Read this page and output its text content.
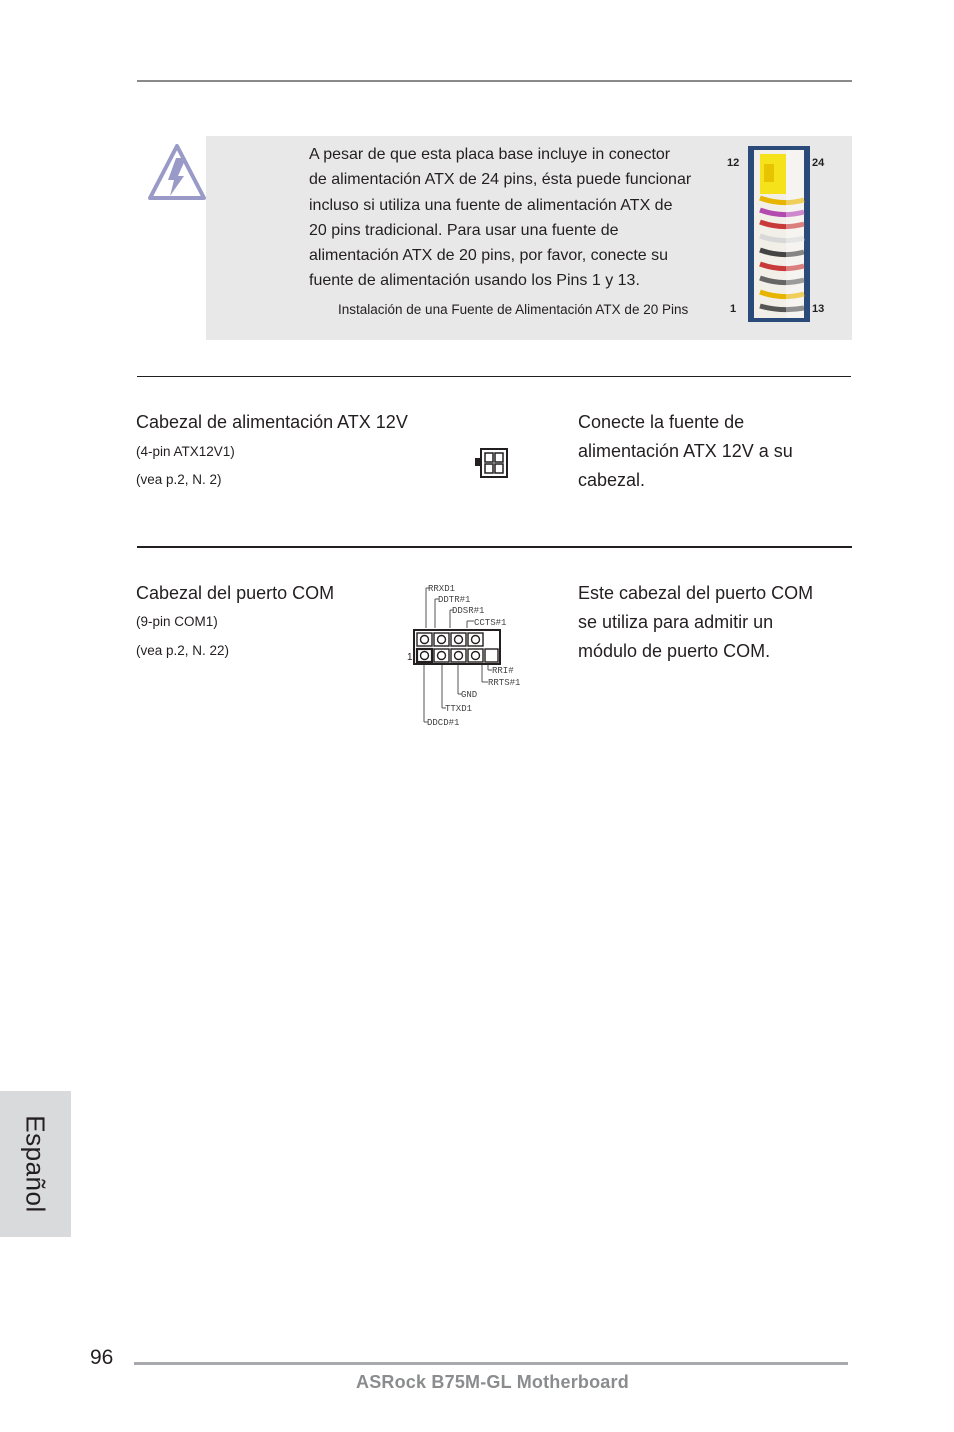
A pesar de que esta placa base incluye in conector
de alimentación ATX de 24 pins, ésta puede funcionar
incluso si utiliza una fuente de alimentación ATX de
20 pins tradicional. Para usar una fuente de
alimentación ATX de 20 pins, por favor, conecte su
fuente de alimentación usando los Pins 1 y 13.
Instalación de una Fuente de Alimentación ATX de 20 Pins
12	24
1	13
Cabezal de alimentación ATX 12V
(4-pin ATX12V1)
(vea p.2, N. 2)
Conecte la fuente de
alimentación ATX 12V a su
cabezal.
Cabezal del puerto COM
(9-pin COM1)
(vea p.2, N. 22)	1
RRXD1
DDTR#1
DDSR#1
CCTS#1
RRI#
RRTS#1
GND
TTXD1
DDCD#1
Este cabezal del puerto COM
se utiliza para admitir un
módulo de puerto COM.
Español
96
ASRock B75M-GL Motherboard
